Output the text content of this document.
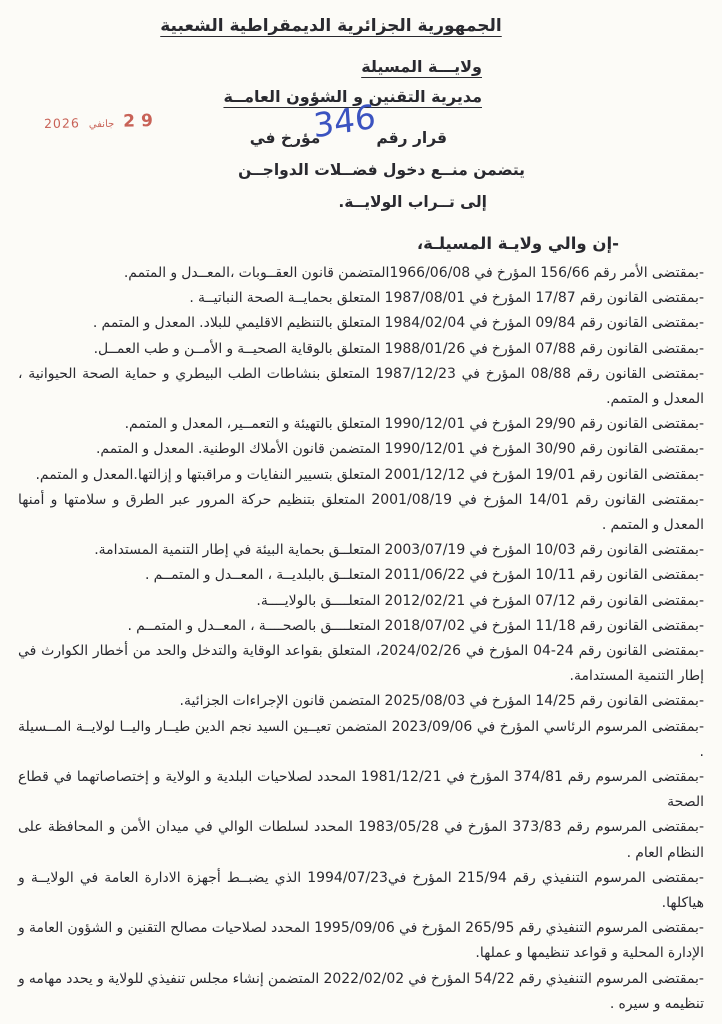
الجمهورية الجزائرية الديمقراطية الشعبية
ولايـــة المسيلة
مديرية التقنين و الشؤون العامــة
قرار رقم346مؤرخ في
يتضمن منــع دخول فضــلات الدواجــن
إلى تــراب الولايــة.
29
جانفي
2026
-إن والي ولايـة المسيلـة،

-بمقتضى الأمر رقم 156/66 المؤرخ في 1966/06/08المتضمن قانون العقــوبات ،المعــدل و المتمم.

-بمقتضى القانون رقم 17/87 المؤرخ في 1987/08/01 المتعلق بحمايــة الصحة النباتيــة .

-بمقتضى القانون رقم 09/84 المؤرخ في 1984/02/04 المتعلق بالتنظيم الاقليمي للبلاد. المعدل و المتمم .

-بمقتضى القانون رقم 07/88 المؤرخ في 1988/01/26 المتعلق بالوقاية الصحيــة و الأمــن و طب العمــل.

-بمقتضى القانون رقم 08/88 المؤرخ في 1987/12/23 المتعلق بنشاطات الطب البيطري و حماية الصحة الحيوانية ، المعدل و المتمم.

-بمقتضى القانون رقم 29/90 المؤرخ في 1990/12/01 المتعلق بالتهيئة و التعمــير، المعدل و المتمم.

-بمقتضى القانون رقم 30/90 المؤرخ في 1990/12/01 المتضمن قانون الأملاك الوطنية. المعدل و المتمم.

-بمقتضى القانون رقم 19/01 المؤرخ في 2001/12/12 المتعلق بتسيير النفايات و مراقبتها و إزالتها.المعدل و المتمم.

-بمقتضى القانون رقم 14/01 المؤرخ في 2001/08/19 المتعلق بتنظيم حركة المرور عبر الطرق و سلامتها و أمنها المعدل و المتمم .

-بمقتضى القانون رقم 10/03 المؤرخ في 2003/07/19 المتعلــق بحماية البيئة في إطار التنمية المستدامة.

-بمقتضى القانون رقم 10/11 المؤرخ في 2011/06/22 المتعلــق بالبلديــة ، المعــدل و المتمــم .

-بمقتضى القانون رقم 07/12 المؤرخ في 2012/02/21 المتعلــــق بالولايــــة.

-بمقتضى القانون رقم 11/18 المؤرخ في 2018/07/02 المتعلــــق بالصحــــة ، المعــدل و المتمــم .

-بمقتضى القانون رقم 24-04 المؤرخ في 2024/02/26، المتعلق بقواعد الوقاية والتدخل والحد من أخطار الكوارث في إطار التنمية المستدامة.

-بمقتضى القانون رقم 14/25 المؤرخ في 2025/08/03 المتضمن قانون الإجراءات الجزائية.

-بمقتضى المرسوم الرئاسي المؤرخ في 2023/09/06 المتضمن تعيــين السيد نجم الدين طيــار واليــا لولايــة المــسيلة .

-بمقتضى المرسوم رقم 374/81 المؤرخ في 1981/12/21 المحدد لصلاحيات البلدية و الولاية و إختصاصاتهما في قطاع الصحة

-بمقتضى المرسوم رقم 373/83 المؤرخ في 1983/05/28 المحدد لسلطات الوالي في ميدان الأمن و المحافظة على النظام العام .

-بمقتضى المرسوم التنفيذي رقم 215/94 المؤرخ في1994/07/23 الذي يضبــط أجهزة الادارة العامة في الولايــة و هياكلها.

-بمقتضى المرسوم التنفيذي رقم 265/95 المؤرخ في 1995/09/06 المحدد لصلاحيات مصالح التقنين و الشؤون العامة و الإدارة المحلية و قواعد تنظيمها و عملها.

-بمقتضى المرسوم التنفيذي رقم 54/22 المؤرخ في 2022/02/02 المتضمن إنشاء مجلس تنفيذي للولاية و يحدد مهامه و تنظيمه و سيره .
